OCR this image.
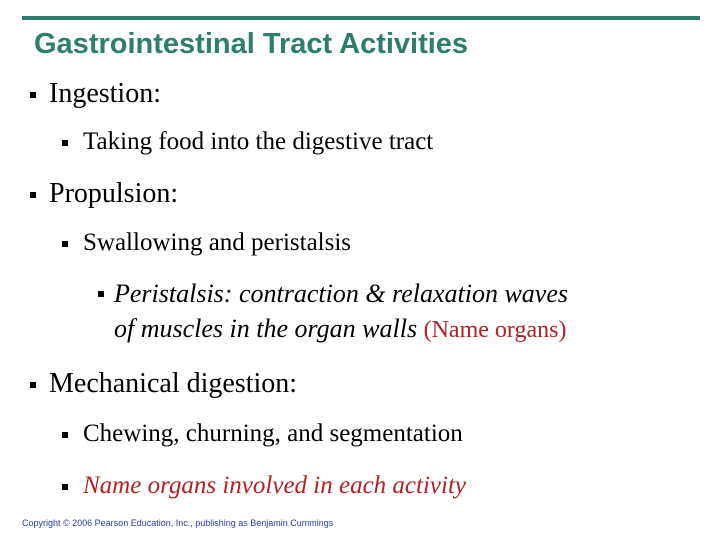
Gastrointestinal Tract Activities
Ingestion:
Taking food into the digestive tract
Propulsion:
Swallowing and peristalsis
Peristalsis: contraction & relaxation waves
of muscles in the organ walls (Name organs)
Mechanical digestion:
Chewing, churning, and segmentation
Name organs involved in each activity
Copyright © 2006 Pearson Education, Inc., publishing as Benjamin Cummings
